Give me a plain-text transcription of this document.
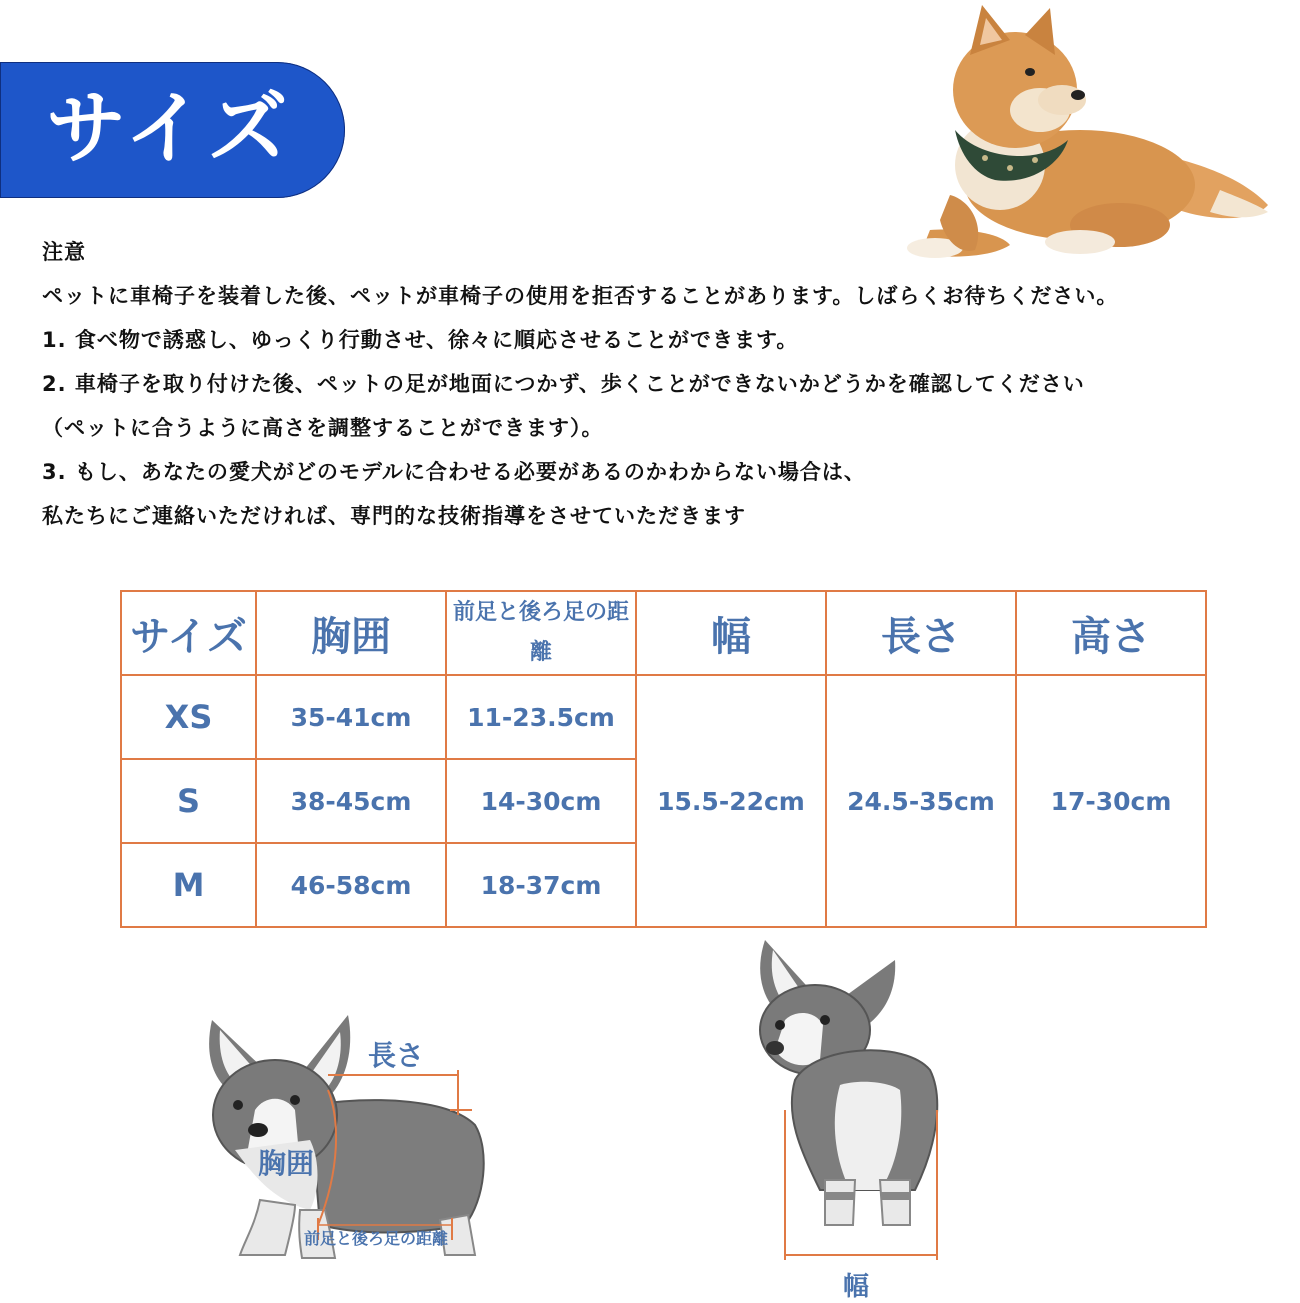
サイズ
注意
ペットに車椅子を装着した後、ペットが車椅子の使用を拒否することがあります。しばらくお待ちください。
1. 食べ物で誘惑し、ゆっくり行動させ、徐々に順応させることができます。
2. 車椅子を取り付けた後、ペットの足が地面につかず、歩くことができないかどうかを確認してください
（ペットに合うように高さを調整することができます）。
3. もし、あなたの愛犬がどのモデルに合わせる必要があるのかわからない場合は、
私たちにご連絡いただければ、専門的な技術指導をさせていただきます
サイズ	胸囲	前足と後ろ足の距離	幅	長さ	高さ
XS	35-41cm	11-23.5cm	15.5-22cm	24.5-35cm	17-30cm
S	38-45cm	14-30cm			
M	46-58cm	18-37cm			
長さ
胸囲
前足と後ろ足の距離
幅
